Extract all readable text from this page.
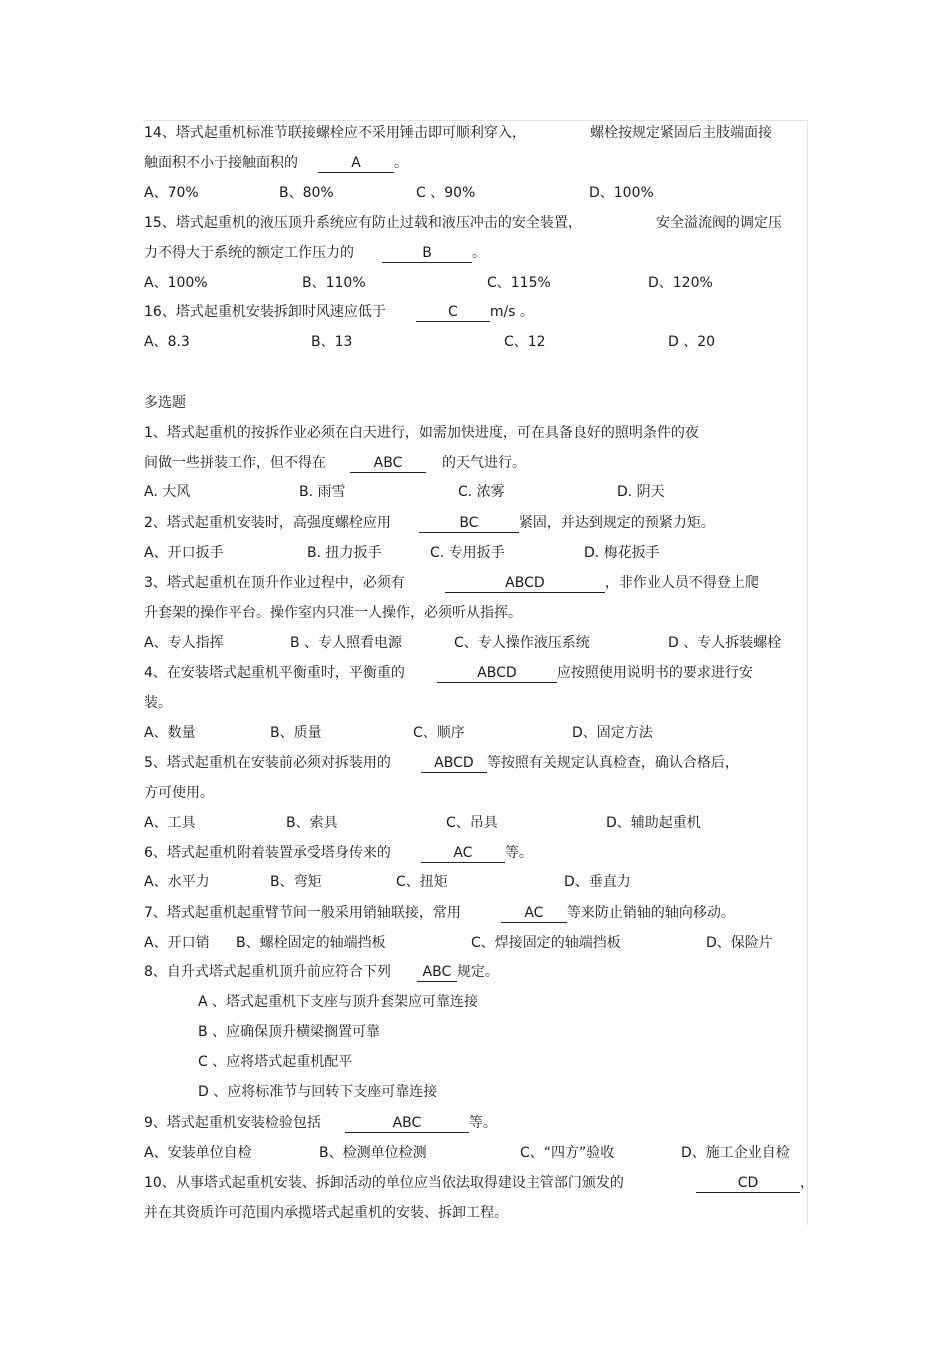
14、塔式起重机标准节联接螺栓应不采用锤击即可顺利穿入，	螺栓按规定紧固后主肢端面接
触面积不小于接触面积的	A 。
A、70%	B、80%	C 、90%	D、100%
15、塔式起重机的液压顶升系统应有防止过载和液压冲击的安全装置，	安全溢流阀的调定压
力不得大于系统的额定工作压力的	B	。
A、100%	B、110%	C、115%	D、120%
16、塔式起重机安装拆卸时风速应低于	C m/s 。
A、8.3	B、13	C、12	D 、20
多选题
1、塔式起重机的按拆作业必须在白天进行，如需加快进度，可在具备良好的照明条件的夜
间做一些拼装工作，但不得在	ABC	的天气进行。
A. 大风	B. 雨雪	C. 浓雾	D. 阴天
2、塔式起重机安装时，高强度螺栓应用	BC	紧固，并达到规定的预紧力矩。
A、开口扳手	B. 扭力扳手	C. 专用扳手	D. 梅花扳手
3、塔式起重机在顶升作业过程中，必须有	ABCD	，非作业人员不得登上爬
升套架的操作平台。操作室内只准一人操作，必须听从指挥。
A、专人指挥	B 、专人照看电源	C、专人操作液压系统	D 、专人拆装螺栓
4、在安装塔式起重机平衡重时，平衡重的	ABCD	应按照使用说明书的要求进行安
装。
A、数量	B、质量	C、顺序	D、固定方法
5、塔式起重机在安装前必须对拆装用的	ABCD 等按照有关规定认真检查，确认合格后，
方可使用。
A、工具	B、索具	C、吊具	D、辅助起重机
6、塔式起重机附着装置承受塔身传来的	AC 等。
A、水平力	B、弯矩	C、扭矩	D、垂直力
7、塔式起重机起重臂节间一般采用销轴联接，常用	AC 等来防止销轴的轴向移动。
A、开口销 B、螺栓固定的轴端挡板	C、焊接固定的轴端挡板	D、保险片
8、自升式塔式起重机顶升前应符合下列 ABC 规定。
A 、塔式起重机下支座与顶升套架应可靠连接
B 、应确保顶升横梁搁置可靠
C 、应将塔式起重机配平
D 、应将标准节与回转下支座可靠连接
9、塔式起重机安装检验包括	ABC	等。
A、安装单位自检	B、检测单位检测	C、“四方”验收	D、施工企业自检
10、从事塔式起重机安装、拆卸活动的单位应当依法取得建设主管部门颁发的	CD	，
并在其资质许可范围内承揽塔式起重机的安装、拆卸工程。
